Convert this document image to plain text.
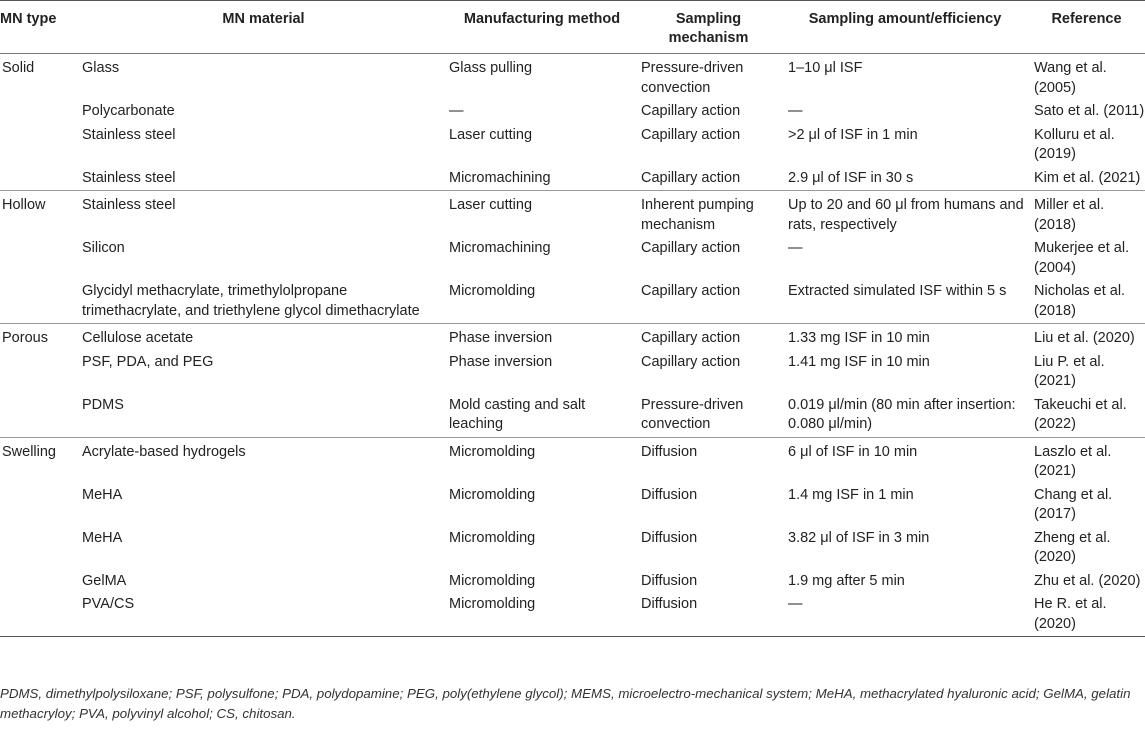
MN type	MN material	Manufacturing method	Sampling mechanism	Sampling amount/efficiency	Reference
Solid	Glass	Glass pulling	Pressure-driven convection	1–10 μl ISF	Wang et al. (2005)
	Polycarbonate	—	Capillary action	—	Sato et al. (2011)
	Stainless steel	Laser cutting	Capillary action	>2 μl of ISF in 1 min	Kolluru et al. (2019)
	Stainless steel	Micromachining	Capillary action	2.9 μl of ISF in 30 s	Kim et al. (2021)
Hollow	Stainless steel	Laser cutting	Inherent pumping mechanism	Up to 20 and 60 μl from humans and rats, respectively	Miller et al. (2018)
	Silicon	Micromachining	Capillary action	—	Mukerjee et al. (2004)
	Glycidyl methacrylate, trimethylolpropane trimethacrylate, and triethylene glycol dimethacrylate	Micromolding	Capillary action	Extracted simulated ISF within 5 s	Nicholas et al. (2018)
Porous	Cellulose acetate	Phase inversion	Capillary action	1.33 mg ISF in 10 min	Liu et al. (2020)
	PSF, PDA, and PEG	Phase inversion	Capillary action	1.41 mg ISF in 10 min	Liu P. et al. (2021)
	PDMS	Mold casting and salt leaching	Pressure-driven convection	0.019 μl/min (80 min after insertion: 0.080 μl/min)	Takeuchi et al. (2022)
Swelling	Acrylate-based hydrogels	Micromolding	Diffusion	6 μl of ISF in 10 min	Laszlo et al. (2021)
	MeHA	Micromolding	Diffusion	1.4 mg ISF in 1 min	Chang et al. (2017)
	MeHA	Micromolding	Diffusion	3.82 μl of ISF in 3 min	Zheng et al. (2020)
	GelMA	Micromolding	Diffusion	1.9 mg after 5 min	Zhu et al. (2020)
	PVA/CS	Micromolding	Diffusion	—	He R. et al. (2020)
PDMS, dimethylpolysiloxane; PSF, polysulfone; PDA, polydopamine; PEG, poly(ethylene glycol); MEMS, microelectro-mechanical system; MeHA, methacrylated hyaluronic acid; GelMA, gelatin methacryloy; PVA, polyvinyl alcohol; CS, chitosan.
